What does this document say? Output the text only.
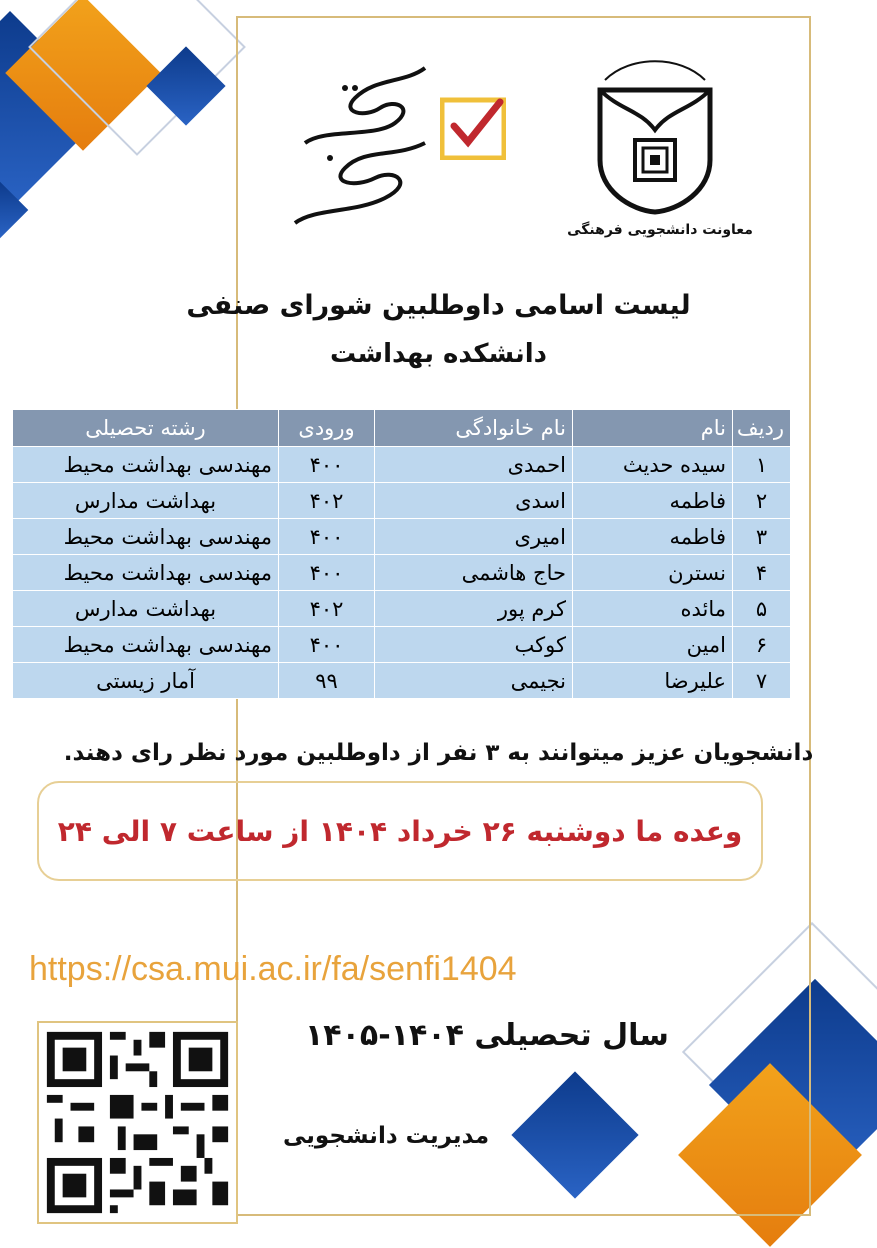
معاونت دانشجویی فرهنگی
لیست اسامی داوطلبین شورای صنفی
دانشکده بهداشت
ردیف	نام	نام خانوادگی	ورودی	رشته تحصیلی
۱	سیده حدیث	احمدی	۴۰۰	مهندسی بهداشت محیط
۲	فاطمه	اسدی	۴۰۲	بهداشت مدارس
۳	فاطمه	امیری	۴۰۰	مهندسی بهداشت محیط
۴	نسترن	حاج هاشمی	۴۰۰	مهندسی بهداشت محیط
۵	مائده	کرم پور	۴۰۲	بهداشت مدارس
۶	امین	کوکب	۴۰۰	مهندسی بهداشت محیط
۷	علیرضا	نجیمی	۹۹	آمار زیستی
دانشجویان عزیز میتوانند به ۳ نفر از داوطلبین مورد نظر رای دهند.
وعده ما دوشنبه ۲۶ خرداد ۱۴۰۴ از ساعت ۷ الی ۲۴
https://csa.mui.ac.ir/fa/senfi1404
سال تحصیلی ۱۴۰۴-۱۴۰۵
مدیریت دانشجویی
